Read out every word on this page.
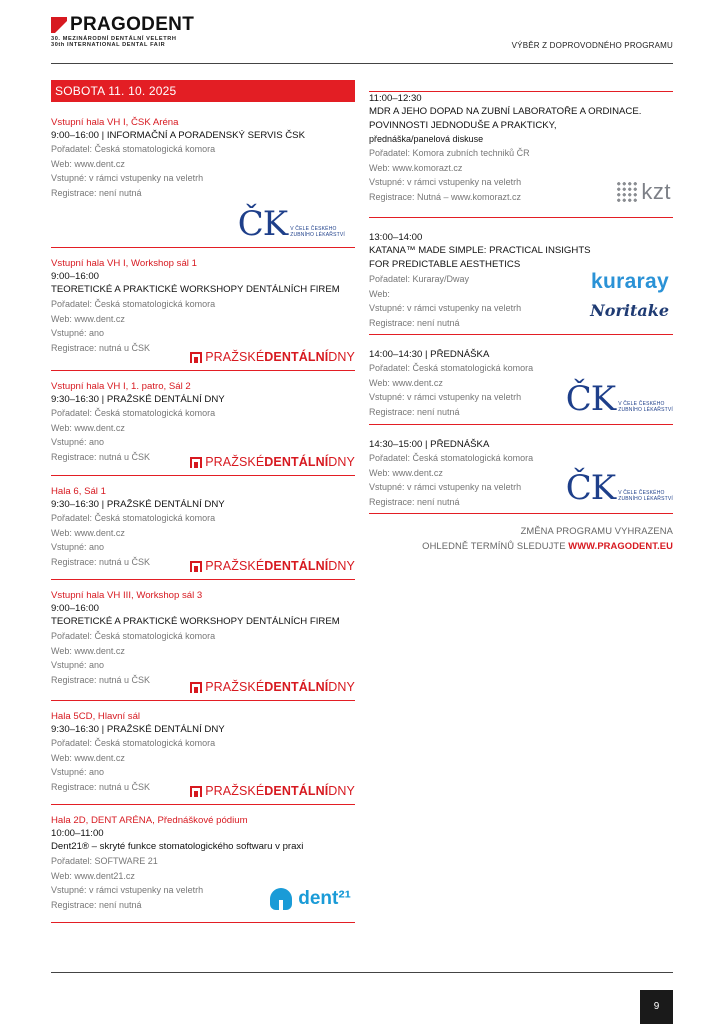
PRAGODENT
30. MEZINÁRODNÍ DENTÁLNÍ VELETRH
30th INTERNATIONAL DENTAL FAIR	VÝBĚR Z DOPROVODNÉHO PROGRAMU
SOBOTA 11. 10. 2025
Vstupní hala VH I, ČSK Aréna
9:00–16:00 | INFORMAČNÍ A PORADENSKÝ SERVIS ČSK
Pořadatel: Česká stomatologická komora
Web: www.dent.cz
Vstupné: v rámci vstupenky na veletrh
Registrace: není nutná
ČK V ČELE ČESKÉHO
ZUBNÍHO LÉKAŘSTVÍ
Vstupní hala VH I, Workshop sál 1
9:00–16:00
TEORETICKÉ A PRAKTICKÉ WORKSHOPY DENTÁLNÍCH FIREM
Pořadatel: Česká stomatologická komora
Web: www.dent.cz
Vstupné: ano
Registrace: nutná u ČSK
PRAŽSKÉ DENTÁLNÍ DNY
Vstupní hala VH I, 1. patro, Sál 2
9:30–16:30 | PRAŽSKÉ DENTÁLNÍ DNY
Pořadatel: Česká stomatologická komora
Web: www.dent.cz
Vstupné: ano
Registrace: nutná u ČSK	PRAŽSKÉ DENTÁLNÍ DNY
Hala 6, Sál 1
9:30–16:30 | PRAŽSKÉ DENTÁLNÍ DNY
Pořadatel: Česká stomatologická komora
Web: www.dent.cz
Vstupné: ano
Registrace: nutná u ČSK	PRAŽSKÉ DENTÁLNÍ DNY
Vstupní hala VH III, Workshop sál 3
9:00–16:00
TEORETICKÉ A PRAKTICKÉ WORKSHOPY DENTÁLNÍCH FIREM
Pořadatel: Česká stomatologická komora
Web: www.dent.cz
Vstupné: ano
Registrace: nutná u ČSK
PRAŽSKÉ DENTÁLNÍ DNY
Hala 5CD, Hlavní sál
9:30–16:30 | PRAŽSKÉ DENTÁLNÍ DNY
Pořadatel: Česká stomatologická komora
Web: www.dent.cz
Vstupné: ano
Registrace: nutná u ČSK	PRAŽSKÉ DENTÁLNÍ DNY
Hala 2D, DENT ARÉNA, Přednáškové pódium
10:00–11:00
Dent21® – skryté funkce stomatologického softwaru v praxi
Pořadatel: SOFTWARE 21
Web: www.dent21.cz
Vstupné: v rámci vstupenky na veletrh
Registrace: není nutná	dent²¹
11:00–12:30
MDR A JEHO DOPAD NA ZUBNÍ LABORATOŘE A ORDINACE.
POVINNOSTI JEDNODUŠE A PRAKTICKY,
přednáška/panelová diskuse
Pořadatel: Komora zubních techniků ČR
Web: www.komorazt.cz
Vstupné: v rámci vstupenky na veletrh
Registrace: Nutná – www.komorazt.cz	kzt
13:00–14:00
KATANA™ MADE SIMPLE: PRACTICAL INSIGHTS
FOR PREDICTABLE AESTHETICS
Pořadatel: Kuraray/Dway
Web:
Vstupné: v rámci vstupenky na veletrh
Registrace: není nutná
kuraray
Noritake
14:00–14:30 | PŘEDNÁŠKA
Pořadatel: Česká stomatologická komora
Web: www.dent.cz
Vstupné: v rámci vstupenky na veletrh
Registrace: není nutná	ČK V ČELE ČESKÉHO
ZUBNÍHO LÉKAŘSTVÍ
14:30–15:00 | PŘEDNÁŠKA
Pořadatel: Česká stomatologická komora
Web: www.dent.cz
Vstupné: v rámci vstupenky na veletrh
Registrace: není nutná	ČK V ČELE ČESKÉHO
ZUBNÍHO LÉKAŘSTVÍ
ZMĚNA PROGRAMU VYHRAZENA
OHLEDNĚ TERMÍNŮ SLEDUJTE WWW.PRAGODENT.EU
9
